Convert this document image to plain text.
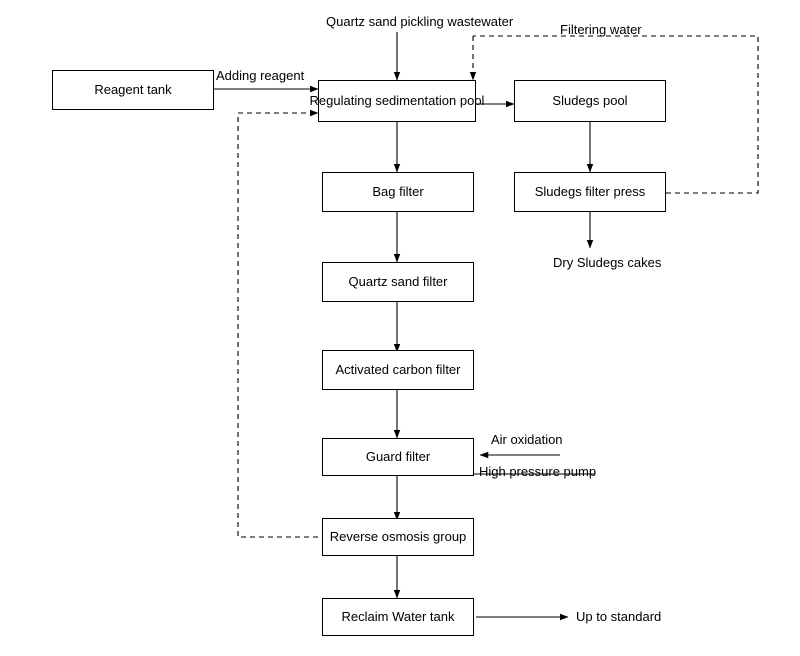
Reagent tank
Regulating sedimentation pool	Sludegs pool
Bag filter	Sludegs filter press
Quartz sand filter
Activated carbon filter
Guard filter
Reverse osmosis group
Reclaim Water tank
Quartz sand pickling wastewater
Filtering water
Adding reagent
Dry Sludegs cakes
Air oxidation
High pressure pump
Up to standard
